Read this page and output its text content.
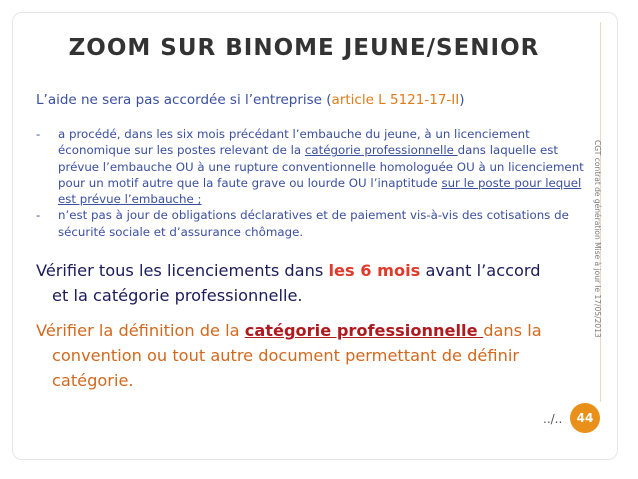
ZOOM SUR BINOME JEUNE/SENIOR
L’aide ne sera pas accordée si l’entreprise (article L 5121-17-II)
- a procédé, dans les six mois précédant l’embauche du jeune, à un licenciement économique sur les postes relevant de la catégorie professionnelle dans laquelle est prévue l’embauche OU à une rupture conventionnelle homologuée OU à un licenciement pour un motif autre que la faute grave ou lourde OU l’inaptitude sur le poste pour lequel est prévue l’embauche ;
- n’est pas à jour de obligations déclaratives et de paiement vis-à-vis des cotisations de sécurité sociale et d’assurance chômage.
Vérifier tous les licenciements dans les 6 mois avant l’accord
et la catégorie professionnelle.
Vérifier la définition de la catégorie professionnelle dans la
convention ou tout autre document permettant de définir
catégorie.
CGT contrat de génération Mise à jour le 17/05/2013
../..	44
